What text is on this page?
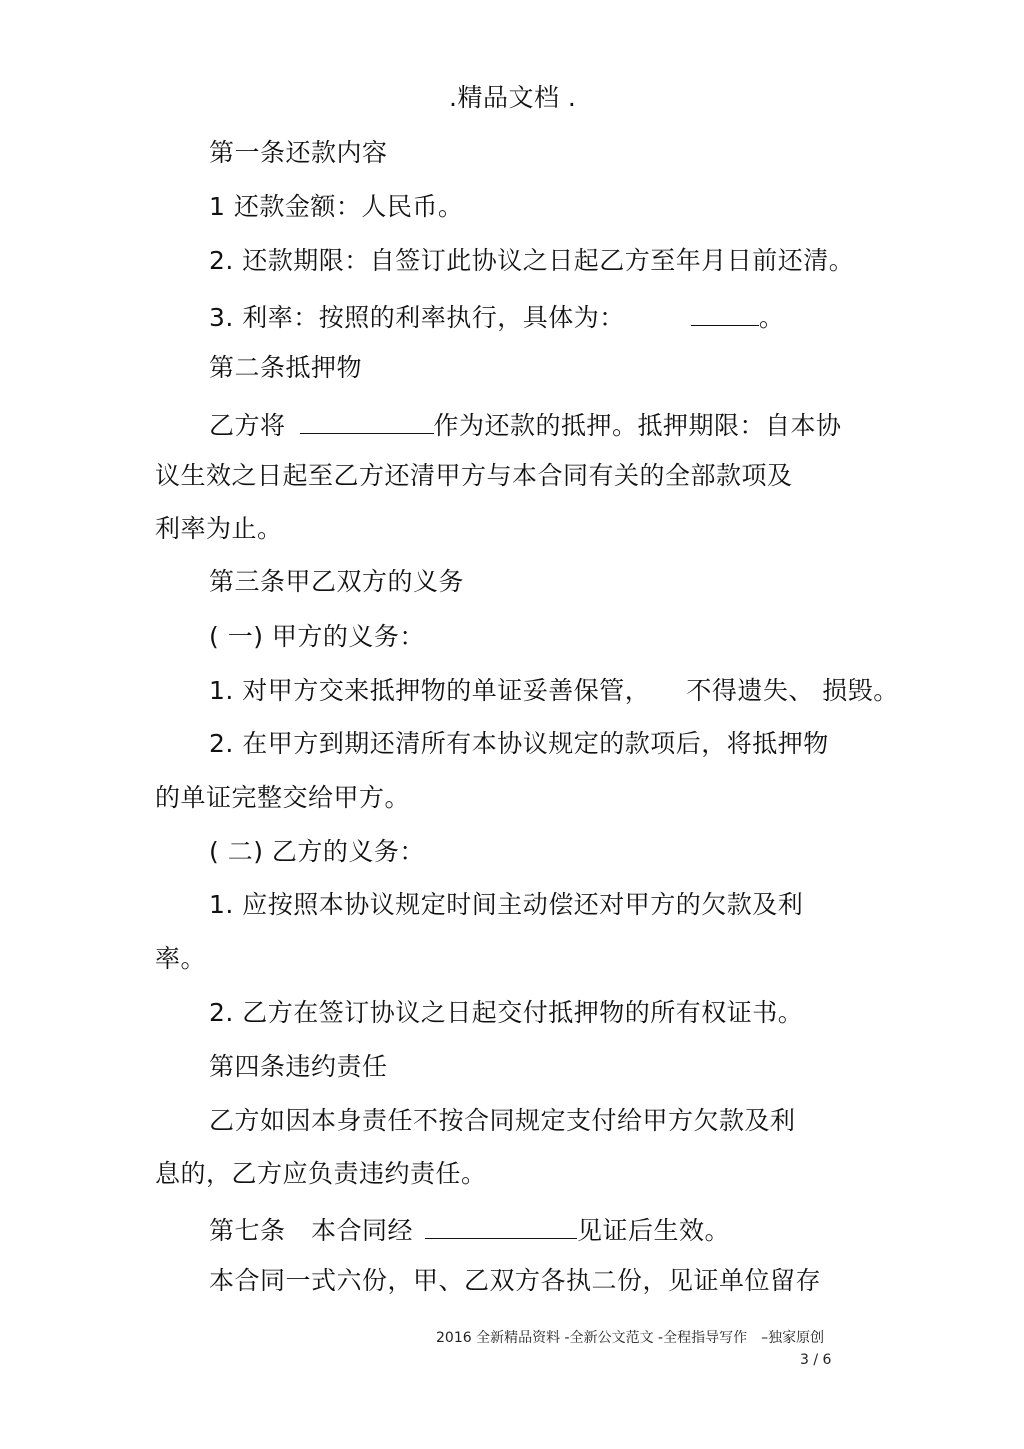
.精品文档 .
第一条还款内容
1 还款金额：人民币。
2. 还款期限：自签订此协议之日起乙方至年月日前还清。
3. 利率：按照的利率执行，具体为：	。
第二条抵押物
乙方将	作为还款的抵押。抵押期限：自本协
议生效之日起至乙方还清甲方与本合同有关的全部款项及
利率为止。
第三条甲乙双方的义务
( 一) 甲方的义务：
1. 对甲方交来抵押物的单证妥善保管， 不得遗失、 损毁。
2. 在甲方到期还清所有本协议规定的款项后，将抵押物
的单证完整交给甲方。
( 二) 乙方的义务：
1. 应按照本协议规定时间主动偿还对甲方的欠款及利
率。
2. 乙方在签订协议之日起交付抵押物的所有权证书。
第四条违约责任
乙方如因本身责任不按合同规定支付给甲方欠款及利
息的，乙方应负责违约责任。
第七条　本合同经	见证后生效。
本合同一式六份，甲、乙双方各执二份，见证单位留存
2016 全新精品资料 -全新公文范文 -全程指导写作　–独家原创
3 / 6
